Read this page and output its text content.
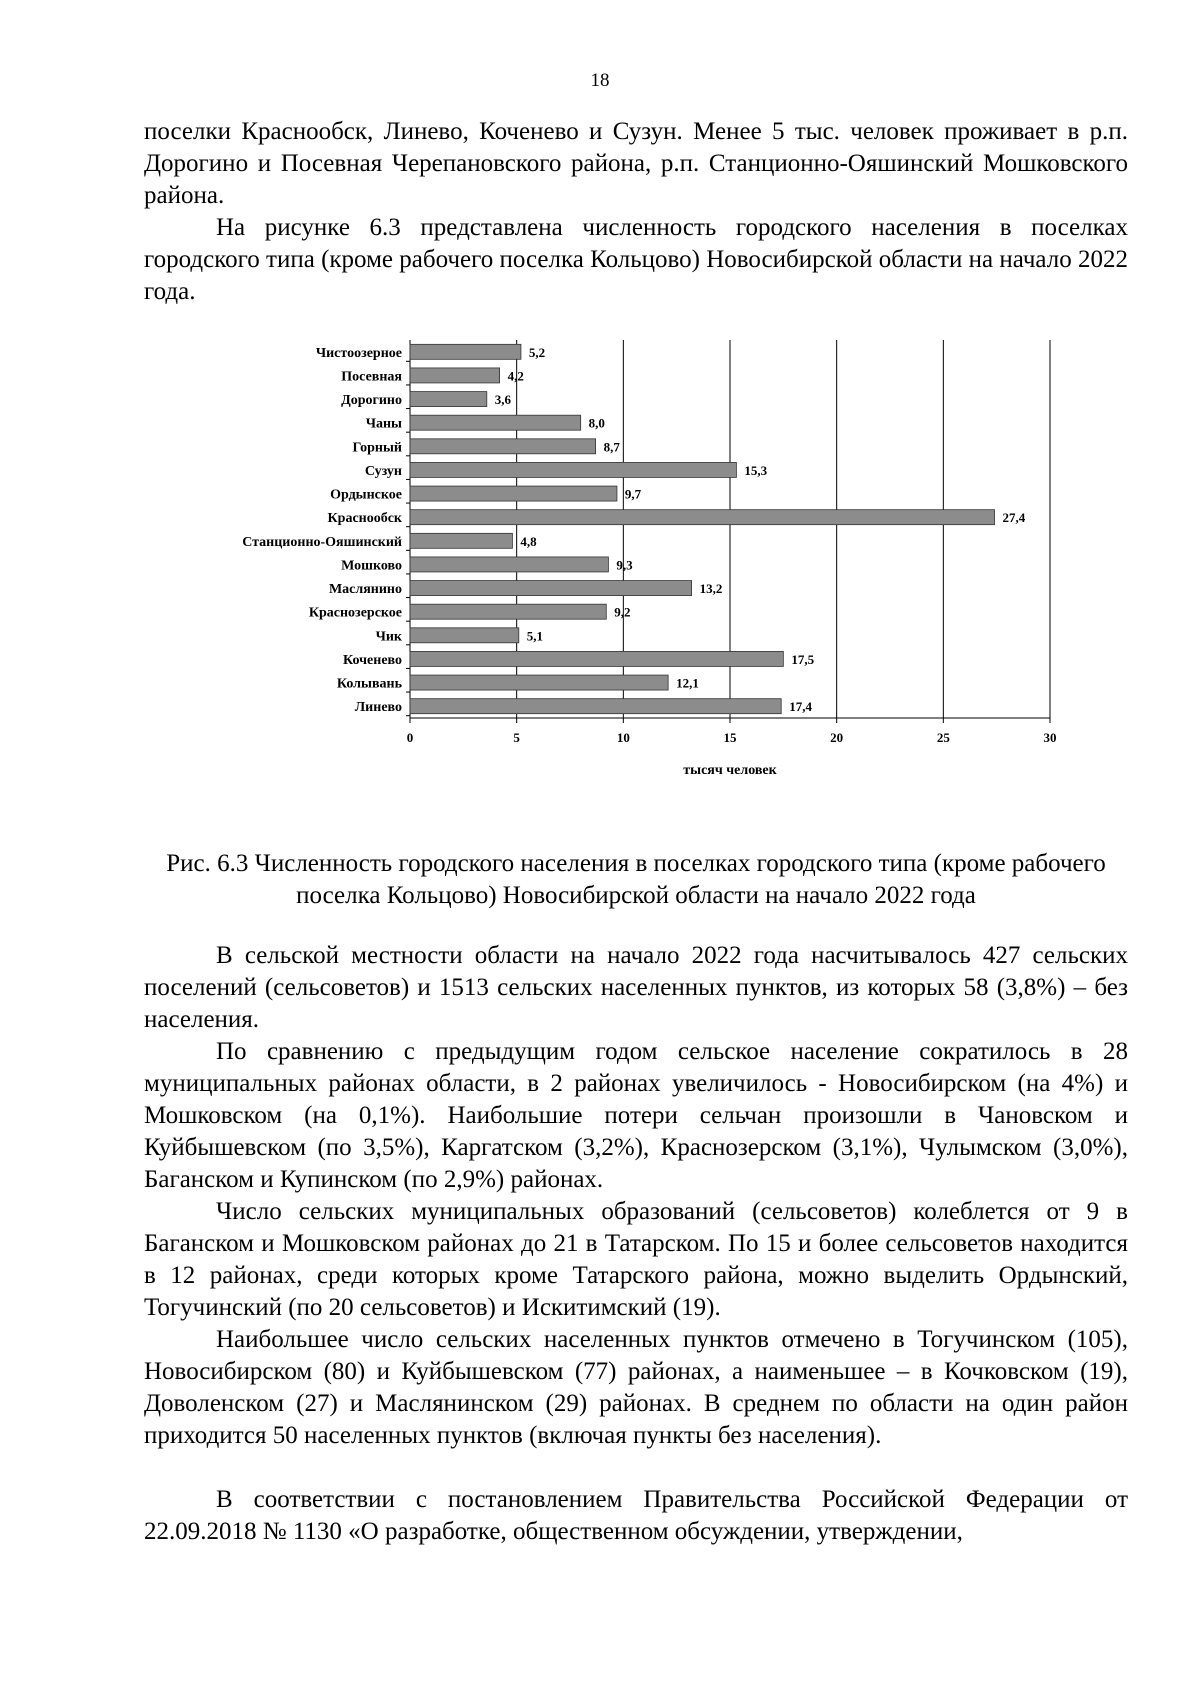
18

поселки Краснообск, Линево, Коченево и Сузун. Менее 5 тыс. человек проживает в р.п. Дорогино и Посевная Черепановского района, р.п. Станционно-Ояшинский Мошковского района.

На рисунке 6.3 представлена численность городского населения в поселках городского типа (кроме рабочего поселка Кольцово) Новосибирской области на начало 2022 года.

Чистоозерное	5,2
Посевная	4,2
Дорогино	3,6
Чаны	8,0
Горный	8,7
Сузун	15,3
Ордынское	9,7
Краснообск	27,4
Станционно-Ояшинский	4,8
Мошково	9,3
Маслянино	13,2
Краснозерское	9,2
Чик	5,1
Коченево	17,5
Колывань	12,1
Линево	17,4
0	5	10	15	20	25	30
тысяч человек

Рис. 6.3 Численность городского населения в поселках городского типа (кроме рабочего поселка Кольцово) Новосибирской области на начало 2022 года

В сельской местности области на начало 2022 года насчитывалось 427 сельских поселений (сельсоветов) и 1513 сельских населенных пунктов, из которых 58 (3,8%) – без населения.

По сравнению с предыдущим годом сельское население сократилось в 28 муниципальных районах области, в 2 районах увеличилось - Новосибирском (на 4%) и Мошковском (на 0,1%). Наибольшие потери сельчан произошли в Чановском и Куйбышевском (по 3,5%), Каргатском (3,2%), Краснозерском (3,1%), Чулымском (3,0%), Баганском и Купинском (по 2,9%) районах.

Число сельских муниципальных образований (сельсоветов) колеблется от 9 в Баганском и Мошковском районах до 21 в Татарском. По 15 и более сельсоветов находится в 12 районах, среди которых кроме Татарского района, можно выделить Ордынский, Тогучинский (по 20 сельсоветов) и Искитимский (19).

Наибольшее число сельских населенных пунктов отмечено в Тогучинском (105), Новосибирском (80) и Куйбышевском (77) районах, а наименьшее – в Кочковском (19), Доволенском (27) и Маслянинском (29) районах. В среднем по области на один район приходится 50 населенных пунктов (включая пункты без населения).

В соответствии с постановлением Правительства Российской Федерации от 22.09.2018 № 1130 «О разработке, общественном обсуждении, утверждении,
